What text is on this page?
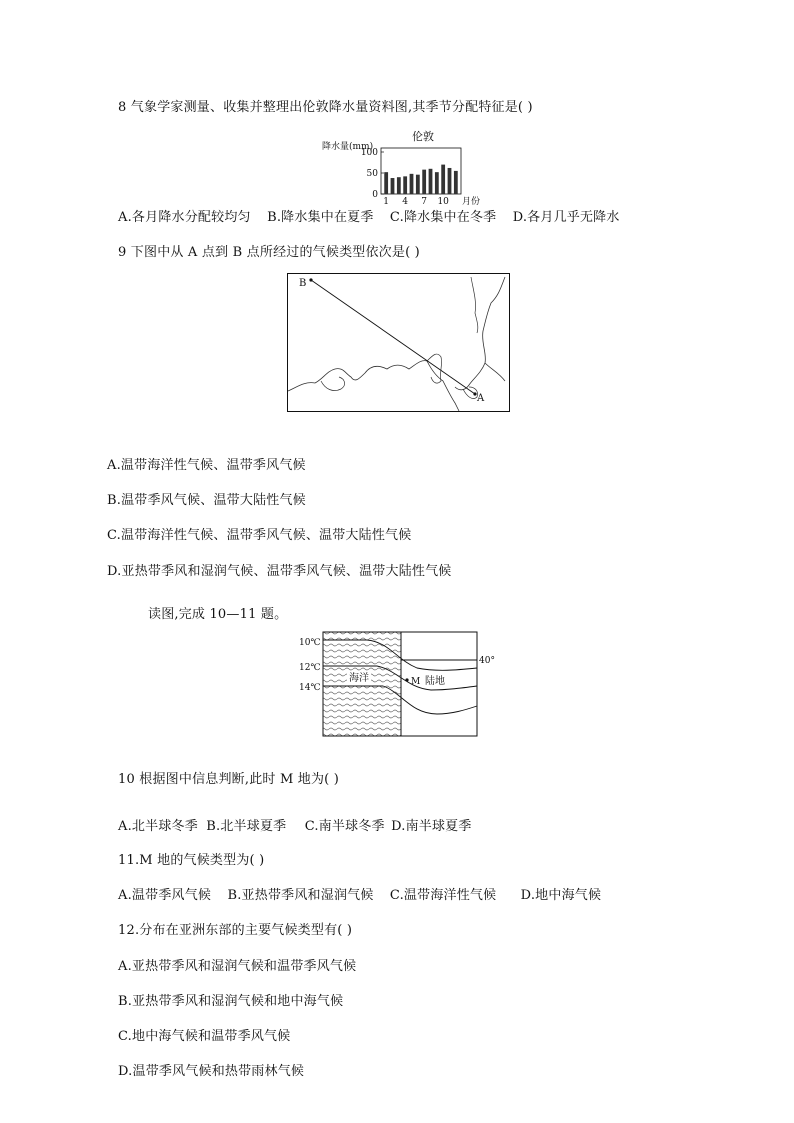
8 气象学家测量、收集并整理出伦敦降水量资料图,其季节分配特征是( )
伦敦
降水量(mm)
100
50
0
1 4 7 10 月份
A.各月降水分配较均匀 B.降水集中在夏季 C.降水集中在冬季 D.各月几乎无降水
9 下图中从 A 点到 B 点所经过的气候类型依次是( )
B
A
A.温带海洋性气候、温带季风气候
B.温带季风气候、温带大陆性气候
C.温带海洋性气候、温带季风气候、温带大陆性气候
D.亚热带季风和湿润气候、温带季风气候、温带大陆性气候
读图,完成 10—11 题。
10℃
12℃
14℃
40°
海洋	M 陆地
10 根据图中信息判断,此时 M 地为( )
A.北半球冬季 B.北半球夏季 C.南半球冬季 D.南半球夏季
11.M 地的气候类型为( )
A.温带季风气候 B.亚热带季风和湿润气候 C.温带海洋性气候 D.地中海气候
12.分布在亚洲东部的主要气候类型有( )
A.亚热带季风和湿润气候和温带季风气候
B.亚热带季风和湿润气候和地中海气候
C.地中海气候和温带季风气候
D.温带季风气候和热带雨林气候
